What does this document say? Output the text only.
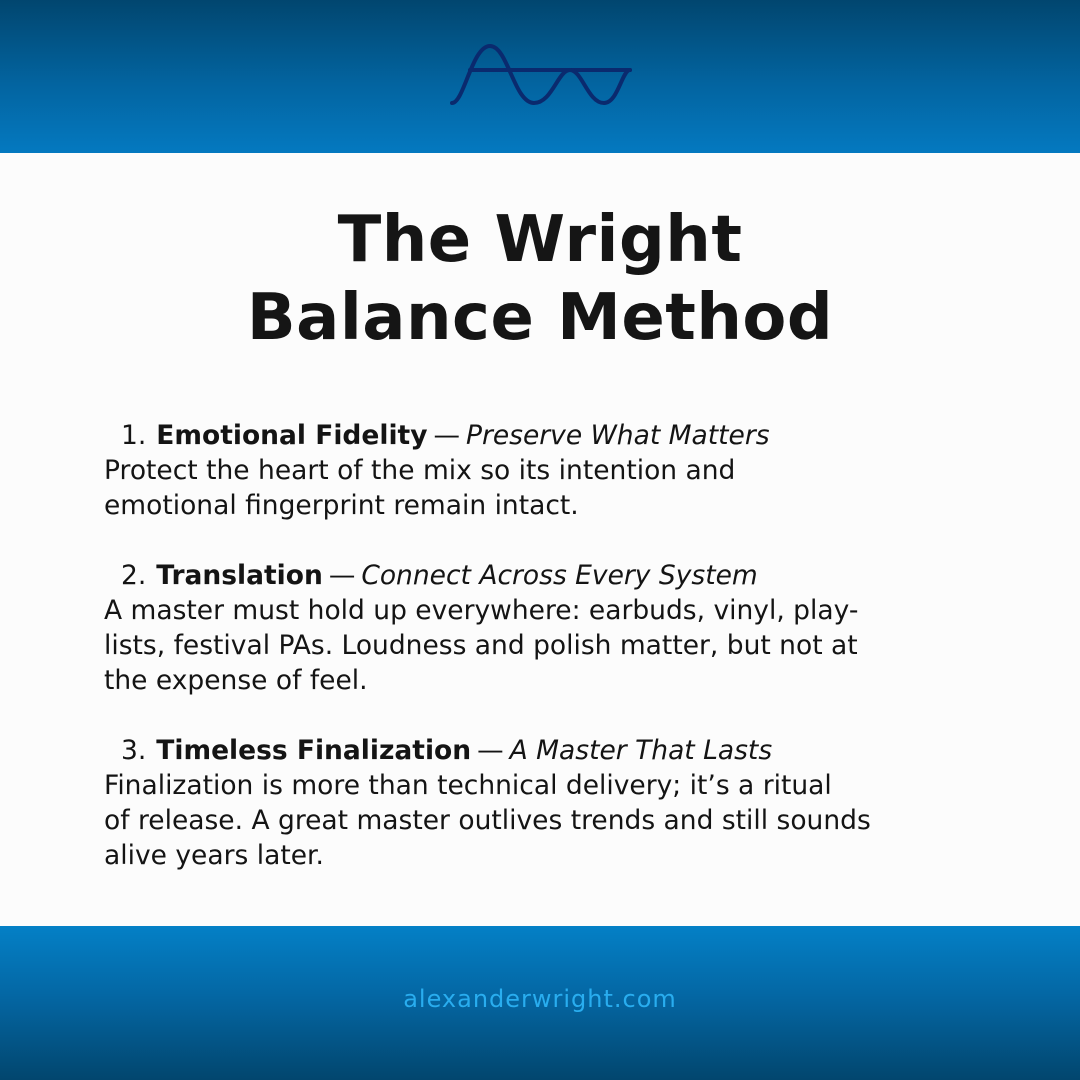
The Wright
Balance Method
1. Emotional Fidelity — Preserve What Matters
Protect the heart of the mix so its intention and
emotional fingerprint remain intact.
2. Translation — Connect Across Every System
A master must hold up everywhere: earbuds, vinyl, play-
lists, festival PAs. Loudness and polish matter, but not at
the expense of feel.
3. Timeless Finalization — A Master That Lasts
Finalization is more than technical delivery; it’s a ritual
of release. A great master outlives trends and still sounds
alive years later.
alexanderwright.com
